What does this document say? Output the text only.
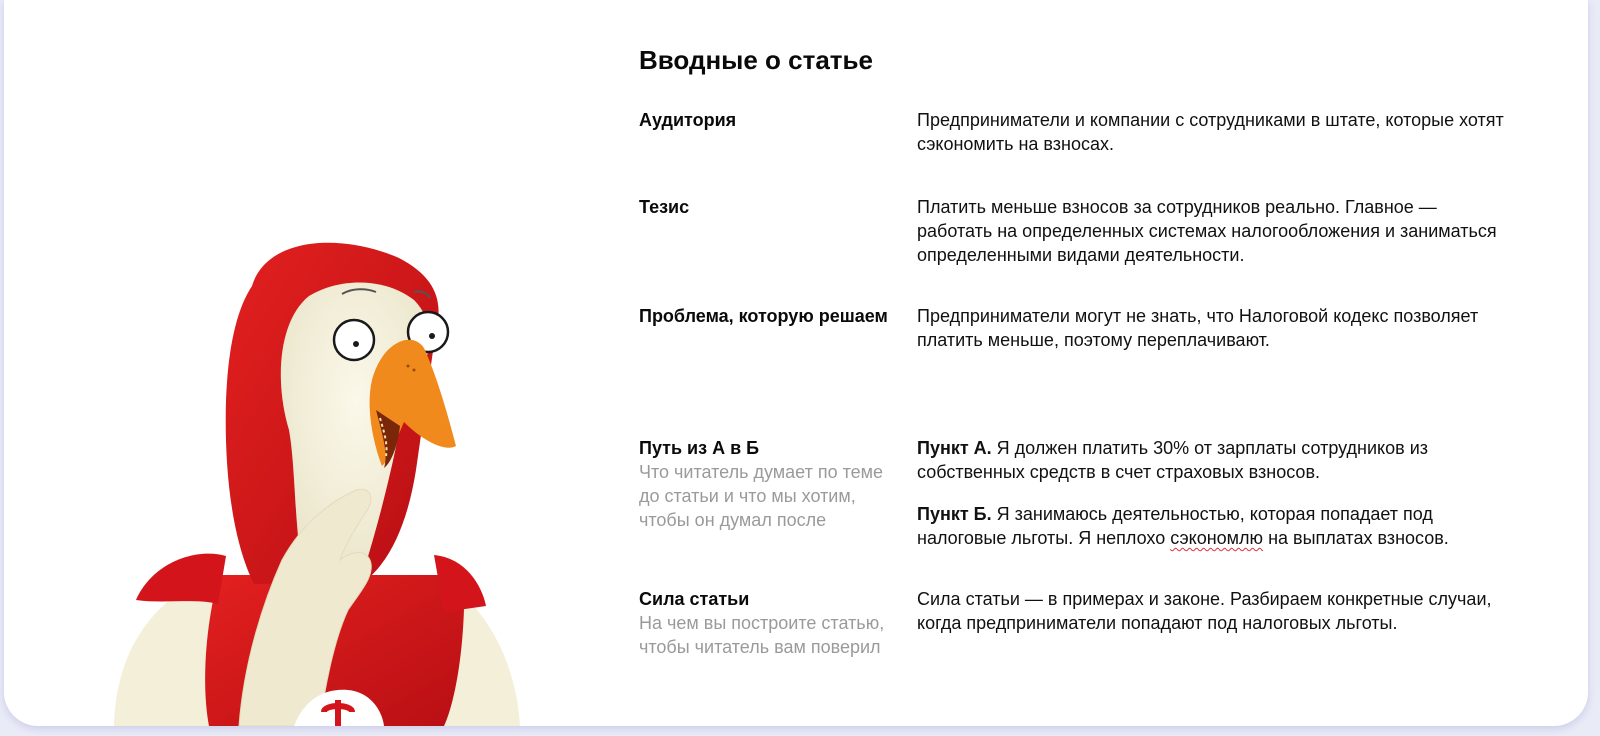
Вводные о статье
Аудитория	Предприниматели и компании с сотрудниками в штате, которые хотят сэкономить на взносах.

Тезис	Платить меньше взносов за сотрудников реально. Главное — работать на определенных системах налогообложения и заниматься определенными видами деятельности.

Проблема, которую решаем Предприниматели могут не знать, что Налоговой кодекс позволяет платить меньше, поэтому переплачивают.

Путь из А в Б
Что читатель думает по теме до статьи и что мы хотим, чтобы он думал после

Пункт А. Я должен платить 30% от зарплаты сотрудников из собственных средств в счет страховых взносов.

Пункт Б. Я занимаюсь деятельностью, которая попадает под налоговые льготы. Я неплохо сэкономлю на выплатах взносов.

Сила статьи
На чем вы построите статью, чтобы читатель вам поверил

Сила статьи — в примерах и законе. Разбираем конкретные случаи, когда предприниматели попадают под налоговых льготы.
